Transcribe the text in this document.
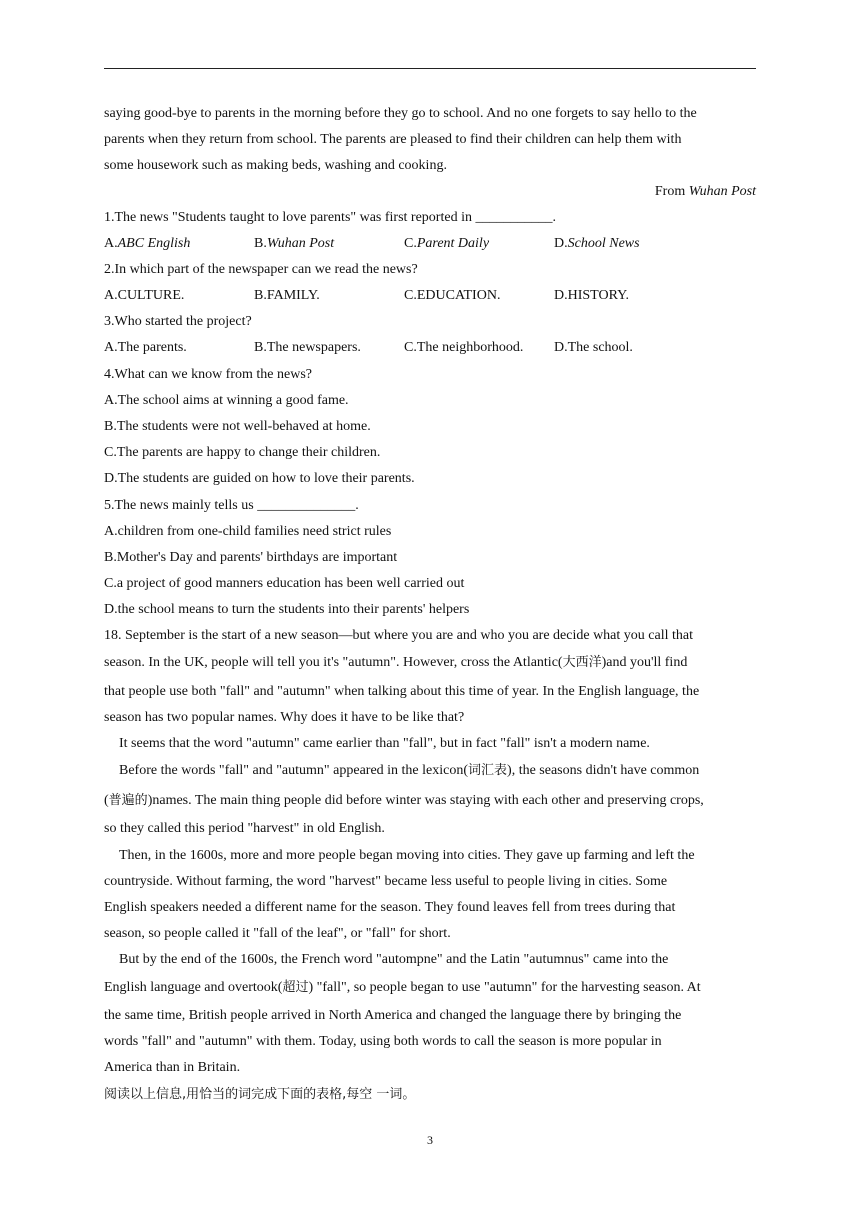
saying good-bye to parents in the morning before they go to school. And no one forgets to say hello to the
parents when they return from school. The parents are pleased to find their children can help them with
some housework such as making beds, washing and cooking.
From Wuhan Post
1.The news "Students taught to love parents" was first reported in ___________.
A.ABC English	B.Wuhan Post	C.Parent Daily	D.School News
2.In which part of the newspaper can we read the news?
A.CULTURE.	B.FAMILY.	C.EDUCATION.	D.HISTORY.
3.Who started the project?
A.The parents.	B.The newspapers.	C.The neighborhood. D.The school.
4.What can we know from the news?
A.The school aims at winning a good fame.
B.The students were not well-behaved at home.
C.The parents are happy to change their children.
D.The students are guided on how to love their parents.
5.The news mainly tells us ______________.
A.children from one-child families need strict rules
B.Mother's Day and parents' birthdays are important
C.a project of good manners education has been well carried out
D.the school means to turn the students into their parents' helpers
18. September is the start of a new season—but where you are and who you are decide what you call that
season. In the UK, people will tell you it's "autumn". However, cross the Atlantic(大西洋)and you'll find
that people use both "fall" and "autumn" when talking about this time of year. In the English language, the
season has two popular names. Why does it have to be like that?
It seems that the word "autumn" came earlier than "fall", but in fact "fall" isn't a modern name.
Before the words "fall" and "autumn" appeared in the lexicon(词汇表), the seasons didn't have common
(普遍的)names. The main thing people did before winter was staying with each other and preserving crops,
so they called this period "harvest" in old English.
Then, in the 1600s, more and more people began moving into cities. They gave up farming and left the
countryside. Without farming, the word "harvest" became less useful to people living in cities. Some
English speakers needed a different name for the season. They found leaves fell from trees during that
season, so people called it "fall of the leaf", or "fall" for short.
But by the end of the 1600s, the French word "autompne" and the Latin "autumnus" came into the
English language and overtook(超过) "fall", so people began to use "autumn" for the harvesting season. At
the same time, British people arrived in North America and changed the language there by bringing the
words "fall" and "autumn" with them. Today, using both words to call the season is more popular in
America than in Britain.
阅读以上信息,用恰当的词完成下面的表格,每空 一词。
3
